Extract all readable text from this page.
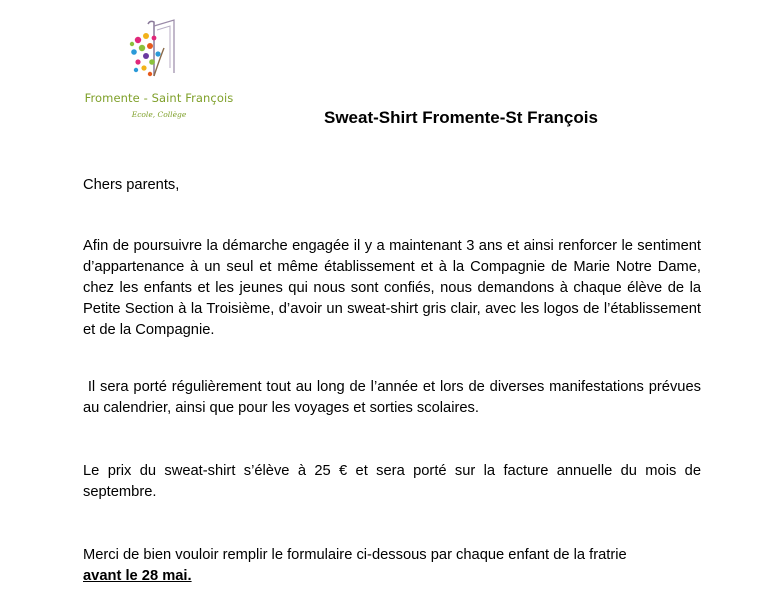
Fromente - Saint François
Ecole, Collège	Sweat-Shirt Fromente-St François
Chers parents,
Afin de poursuivre la démarche engagée il y a maintenant 3 ans et ainsi renforcer le sentiment d’appartenance à un seul et même établissement et à la Compagnie de Marie Notre Dame, chez les enfants et les jeunes qui nous sont confiés, nous demandons à chaque élève de la Petite Section à la Troisième, d’avoir un sweat-shirt gris clair, avec les logos de l’établissement et de la Compagnie.
Il sera porté régulièrement tout au long de l’année et lors de diverses manifestations prévues au calendrier, ainsi que pour les voyages et sorties scolaires.
Le prix du sweat-shirt s’élève à 25 € et sera porté sur la facture annuelle du mois de septembre.
Merci de bien vouloir remplir le formulaire ci-dessous par chaque enfant de la fratrie
avant le 28 mai.
